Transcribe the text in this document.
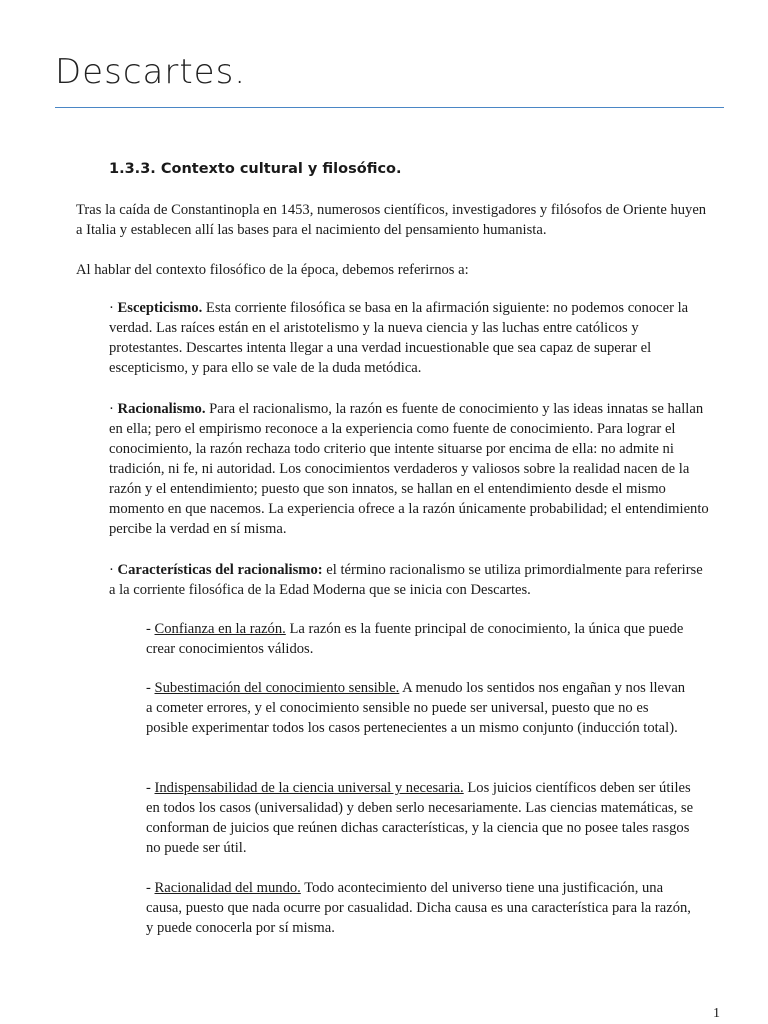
Descartes.
1.3.3. Contexto cultural y filosófico.

Tras la caída de Constantinopla en 1453, numerosos científicos, investigadores y filósofos de Oriente huyen a Italia y establecen allí las bases para el nacimiento del pensamiento humanista.

Al hablar del contexto filosófico de la época, debemos referirnos a:

· Escepticismo. Esta corriente filosófica se basa en la afirmación siguiente: no podemos conocer la verdad. Las raíces están en el aristotelismo y la nueva ciencia y las luchas entre católicos y protestantes. Descartes intenta llegar a una verdad incuestionable que sea capaz de superar el escepticismo, y para ello se vale de la duda metódica.

· Racionalismo. Para el racionalismo, la razón es fuente de conocimiento y las ideas innatas se hallan en ella; pero el empirismo reconoce a la experiencia como fuente de conocimiento. Para lograr el conocimiento, la razón rechaza todo criterio que intente situarse por encima de ella: no admite ni tradición, ni fe, ni autoridad. Los conocimientos verdaderos y valiosos sobre la realidad nacen de la razón y el entendimiento; puesto que son innatos, se hallan en el entendimiento desde el mismo momento en que nacemos. La experiencia ofrece a la razón únicamente probabilidad; el entendimiento percibe la verdad en sí misma.

· Características del racionalismo: el término racionalismo se utiliza primordialmente para referirse a la corriente filosófica de la Edad Moderna que se inicia con Descartes.

- Confianza en la razón. La razón es la fuente principal de conocimiento, la única que puede crear conocimientos válidos.

- Subestimación del conocimiento sensible. A menudo los sentidos nos engañan y nos llevan a cometer errores, y el conocimiento sensible no puede ser universal, puesto que no es posible experimentar todos los casos pertenecientes a un mismo conjunto (inducción total).

- Indispensabilidad de la ciencia universal y necesaria. Los juicios científicos deben ser útiles en todos los casos (universalidad) y deben serlo necesariamente. Las ciencias matemáticas, se conforman de juicios que reúnen dichas características, y la ciencia que no posee tales rasgos no puede ser útil.

- Racionalidad del mundo. Todo acontecimiento del universo tiene una justificación, una causa, puesto que nada ocurre por casualidad. Dicha causa es una característica para la razón, y puede conocerla por sí misma.

1
